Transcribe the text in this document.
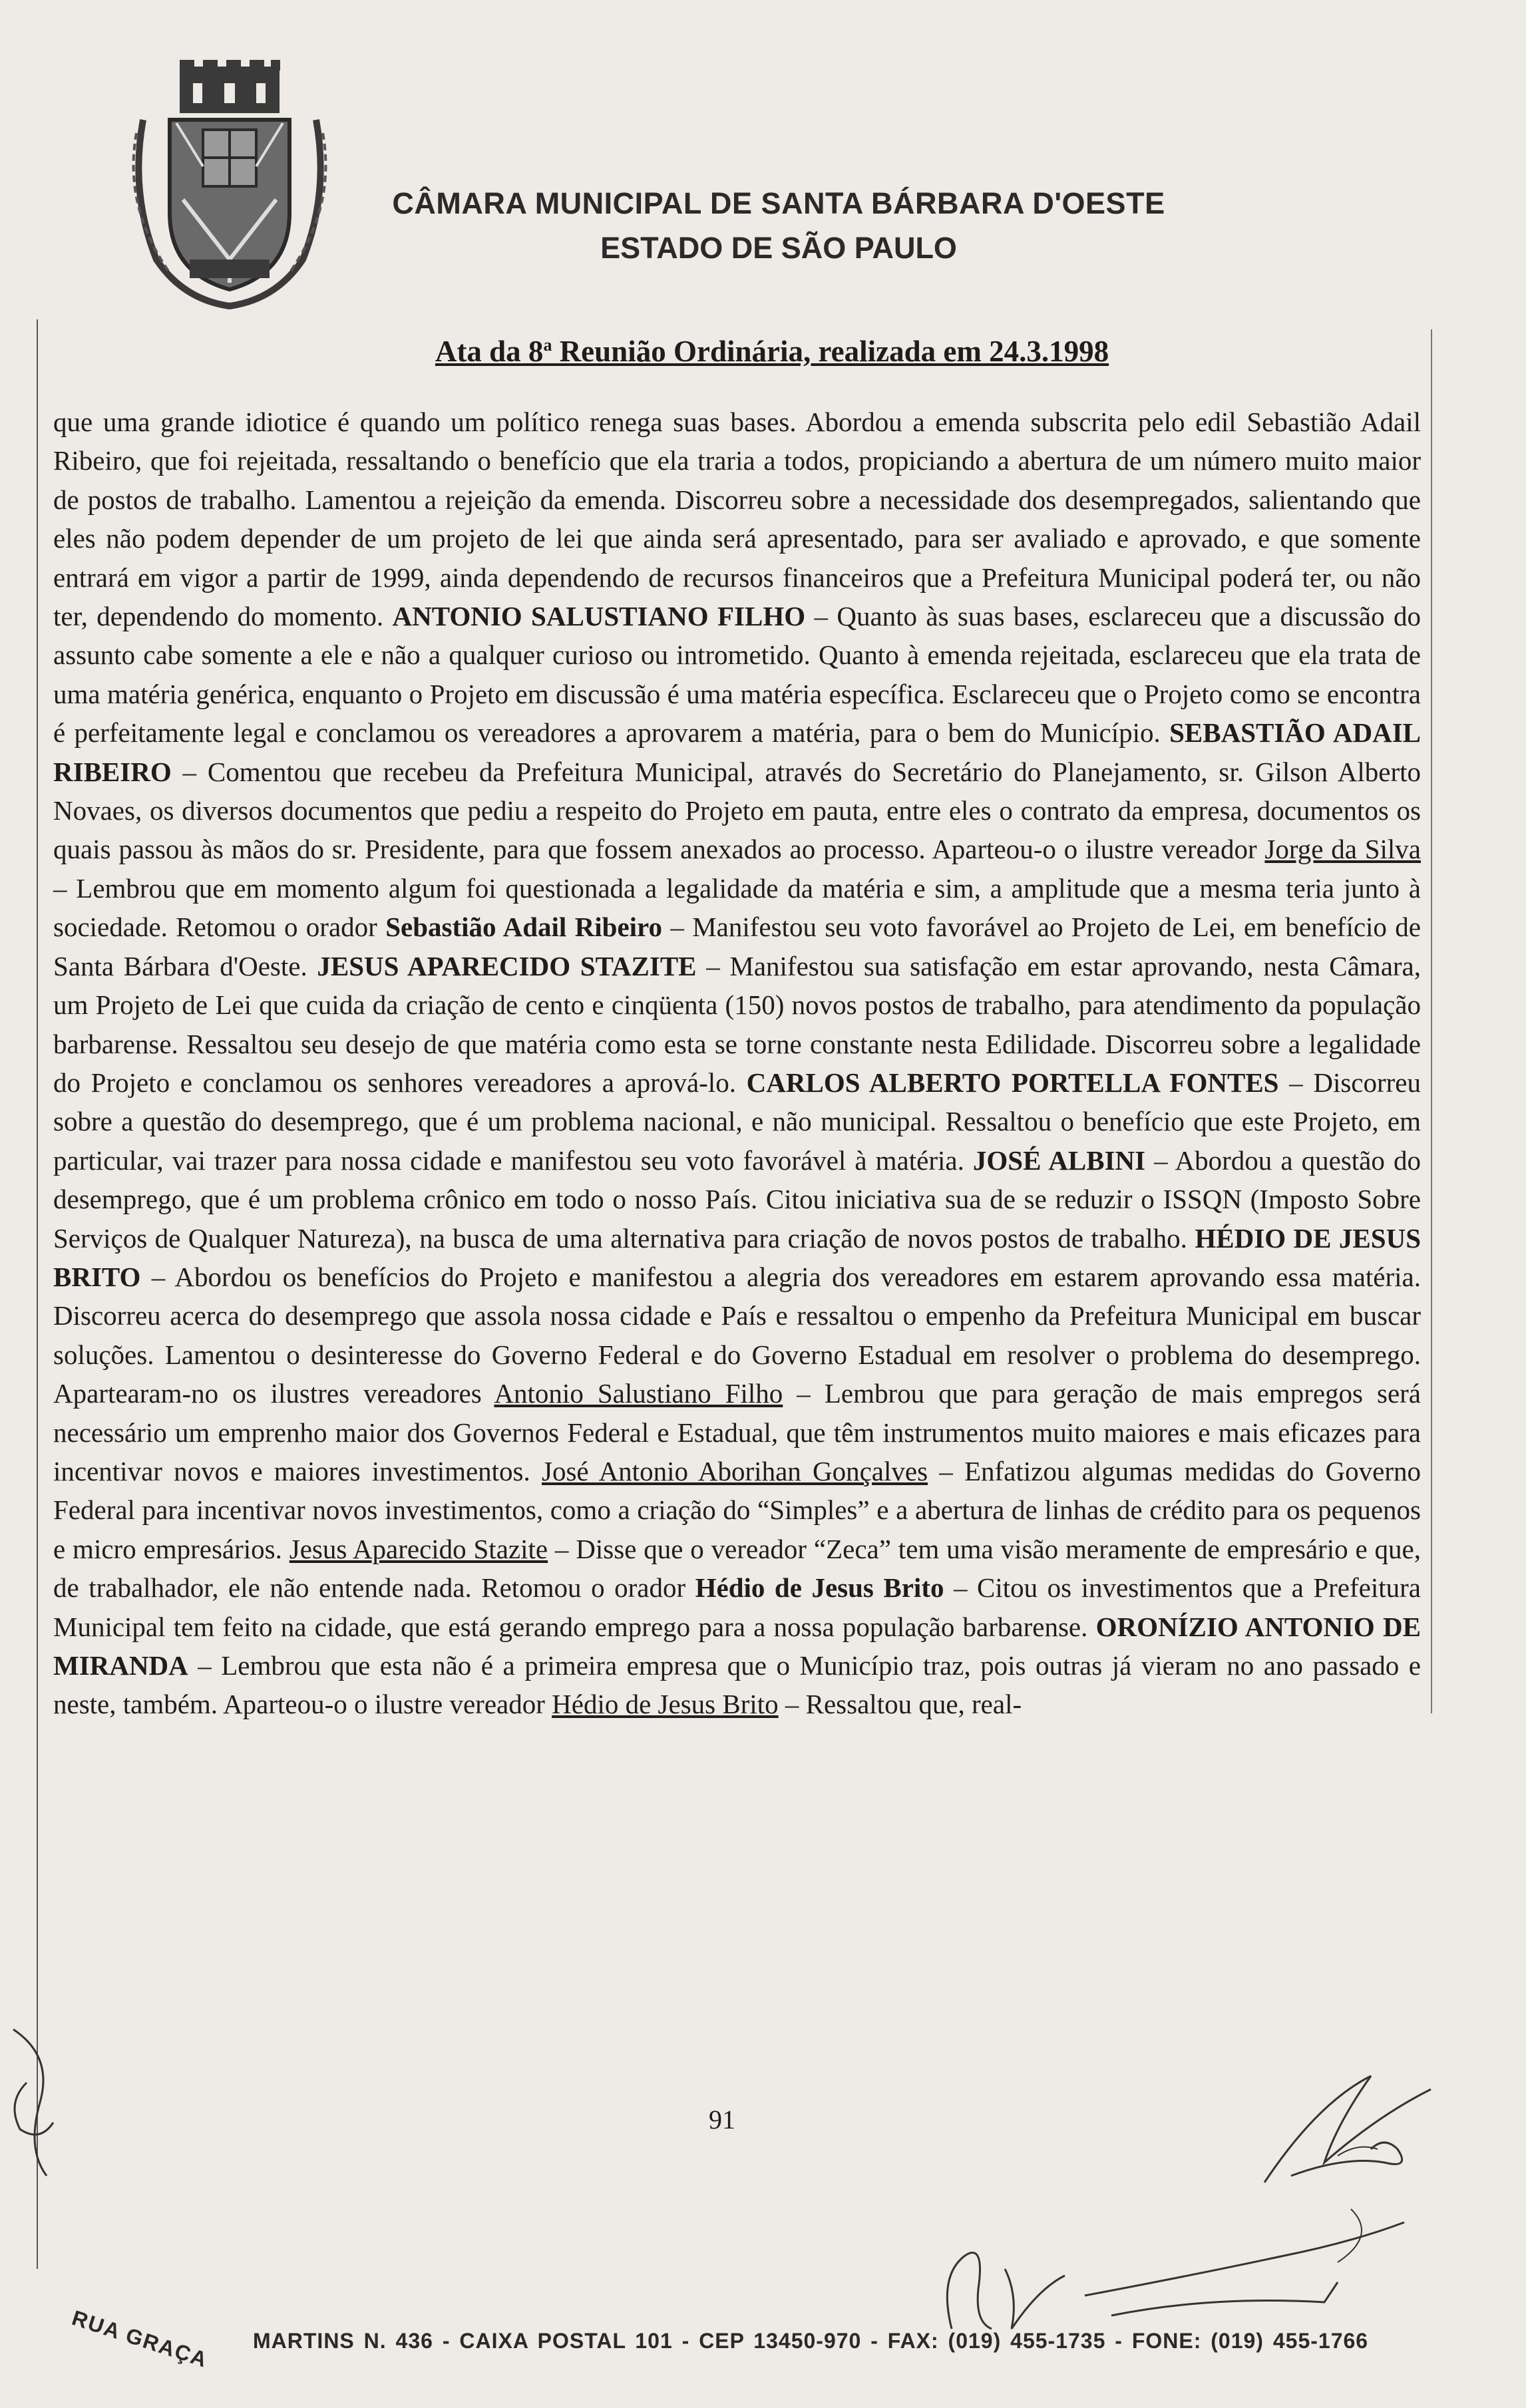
CÂMARA MUNICIPAL DE SANTA BÁRBARA D'OESTE
ESTADO DE SÃO PAULO
Ata da 8$^a$ Reunião Ordinária, realizada em 24.3.1998

que uma grande idiotice é quando um político renega suas bases. Abordou a emenda subscrita pelo edil Sebastião Adail Ribeiro, que foi rejeitada, ressaltando o benefício que ela traria a todos, propiciando a abertura de um número muito maior de postos de trabalho. Lamentou a rejeição da emenda. Discorreu sobre a necessidade dos desempregados, salientando que eles não podem depender de um projeto de lei que ainda será apresentado, para ser avaliado e aprovado, e que somente entrará em vigor a partir de 1999, ainda dependendo de recursos financeiros que a Prefeitura Municipal poderá ter, ou não ter, dependendo do momento. ANTONIO SALUSTIANO FILHO – Quanto às suas bases, esclareceu que a discussão do assunto cabe somente a ele e não a qualquer curioso ou intrometido. Quanto à emenda rejeitada, esclareceu que ela trata de uma matéria genérica, enquanto o Projeto em discussão é uma matéria específica. Esclareceu que o Projeto como se encontra é perfeitamente legal e conclamou os vereadores a aprovarem a matéria, para o bem do Município. SEBASTIÃO ADAIL RIBEIRO – Comentou que recebeu da Prefeitura Municipal, através do Secretário do Planejamento, sr. Gilson Alberto Novaes, os diversos documentos que pediu a respeito do Projeto em pauta, entre eles o contrato da empresa, documentos os quais passou às mãos do sr. Presidente, para que fossem anexados ao processo. Aparteou-o o ilustre vereador Jorge da Silva – Lembrou que em momento algum foi questionada a legalidade da matéria e sim, a amplitude que a mesma teria junto à sociedade. Retomou o orador Sebastião Adail Ribeiro – Manifestou seu voto favorável ao Projeto de Lei, em benefício de Santa Bárbara d'Oeste. JESUS APARECIDO STAZITE – Manifestou sua satisfação em estar aprovando, nesta Câmara, um Projeto de Lei que cuida da criação de cento e cinqüenta (150) novos postos de trabalho, para atendimento da população barbarense. Ressaltou seu desejo de que matéria como esta se torne constante nesta Edilidade. Discorreu sobre a legalidade do Projeto e conclamou os senhores vereadores a aprová-lo. CARLOS ALBERTO PORTELLA FONTES – Discorreu sobre a questão do desemprego, que é um problema nacional, e não municipal. Ressaltou o benefício que este Projeto, em particular, vai trazer para nossa cidade e manifestou seu voto favorável à matéria. JOSÉ ALBINI – Abordou a questão do desemprego, que é um problema crônico em todo o nosso País. Citou iniciativa sua de se reduzir o ISSQN (Imposto Sobre Serviços de Qualquer Natureza), na busca de uma alternativa para criação de novos postos de trabalho. HÉDIO DE JESUS BRITO – Abordou os benefícios do Projeto e manifestou a alegria dos vereadores em estarem aprovando essa matéria. Discorreu acerca do desemprego que assola nossa cidade e País e ressaltou o empenho da Prefeitura Municipal em buscar soluções. Lamentou o desinteresse do Governo Federal e do Governo Estadual em resolver o problema do desemprego. Apartearam-no os ilustres vereadores Antonio Salustiano Filho – Lembrou que para geração de mais empregos será necessário um emprenho maior dos Governos Federal e Estadual, que têm instrumentos muito maiores e mais eficazes para incentivar novos e maiores investimentos. José Antonio Aborihan Gonçalves – Enfatizou algumas medidas do Governo Federal para incentivar novos investimentos, como a criação do “Simples” e a abertura de linhas de crédito para os pequenos e micro empresários. Jesus Aparecido Stazite – Disse que o vereador “Zeca” tem uma visão meramente de empresário e que, de trabalhador, ele não entende nada. Retomou o orador Hédio de Jesus Brito – Citou os investimentos que a Prefeitura Municipal tem feito na cidade, que está gerando emprego para a nossa população barbarense. ORONÍZIO ANTONIO DE MIRANDA – Lembrou que esta não é a primeira empresa que o Município traz, pois outras já vieram no ano passado e neste, também. Aparteou-o o ilustre vereador Hédio de Jesus Brito – Ressaltou que, real-

91
RUA GRAÇA MARTINS N. 436 - CAIXA POSTAL 101 - CEP 13450-970 - FAX: (019) 455-1735 - FONE: (019) 455-1766
